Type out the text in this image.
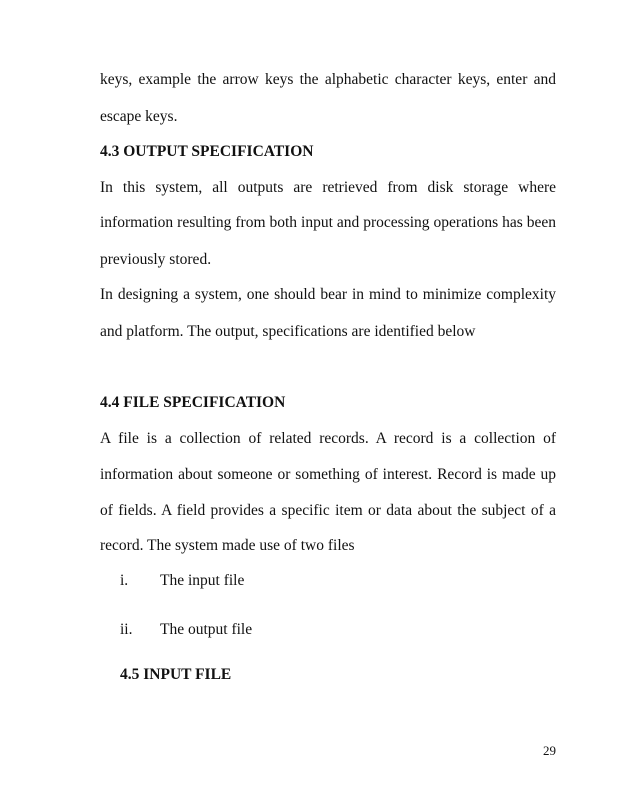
keys, example the arrow keys the alphabetic character keys, enter and
escape keys.
4.3 OUTPUT SPECIFICATION
In this system, all outputs are retrieved from disk storage where
information resulting from both input and processing operations has been
previously stored.
In designing a system, one should bear in mind to minimize complexity
and platform. The output, specifications are identified below
4.4 FILE SPECIFICATION
A file is a collection of related records. A record is a collection of
information about someone or something of interest. Record is made up
of fields. A field provides a specific item or data about the subject of a
record. The system made use of two files
i. The input file
ii. The output file
4.5 INPUT FILE
29
